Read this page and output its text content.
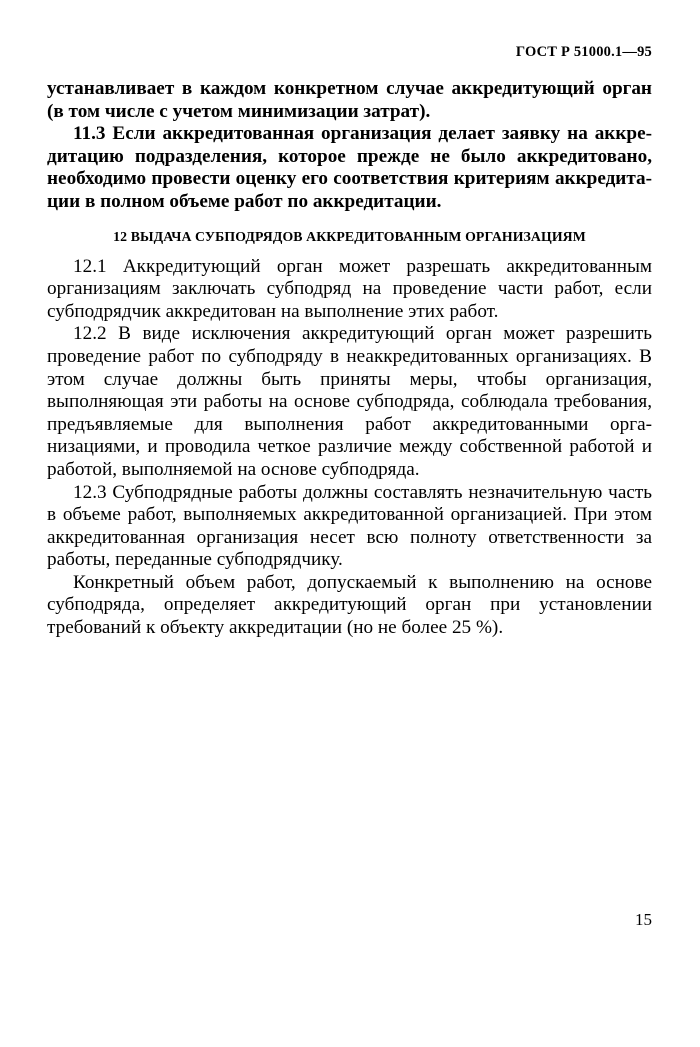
ГОСТ Р 51000.1—95

устанавливает в каждом конкретном случае аккредитующий орган (в том числе с учетом минимизации затрат).

11.3 Если аккредитованная организация делает заявку на аккредитацию подразделения, которое прежде не было аккредитовано, необходимо провести оценку его соответствия критериям аккредитации в полном объеме работ по аккредитации.

12 ВЫДАЧА СУБПОДРЯДОВ АККРЕДИТОВАННЫМ ОРГАНИЗАЦИЯМ

12.1 Аккредитующий орган может разрешать аккредитованным организациям заключать субподряд на проведение части работ, если субподрядчик аккредитован на выполнение этих работ.

12.2 В виде исключения аккредитующий орган может разрешить проведение работ по субподряду в неаккредитованных организациях. В этом случае должны быть приняты меры, чтобы организация, выполняющая эти работы на основе субподряда, соблюдала требования, предъявляемые для выполнения работ аккредитованными организациями, и проводила четкое различие между собственной работой и работой, выполняемой на основе субподряда.

12.3 Субподрядные работы должны составлять незначительную часть в объеме работ, выполняемых аккредитованной организацией. При этом аккредитованная организация несет всю полноту ответственности за работы, переданные субподрядчику.

Конкретный объем работ, допускаемый к выполнению на основе субподряда, определяет аккредитующий орган при установлении требований к объекту аккредитации (но не более 25 %).

15
